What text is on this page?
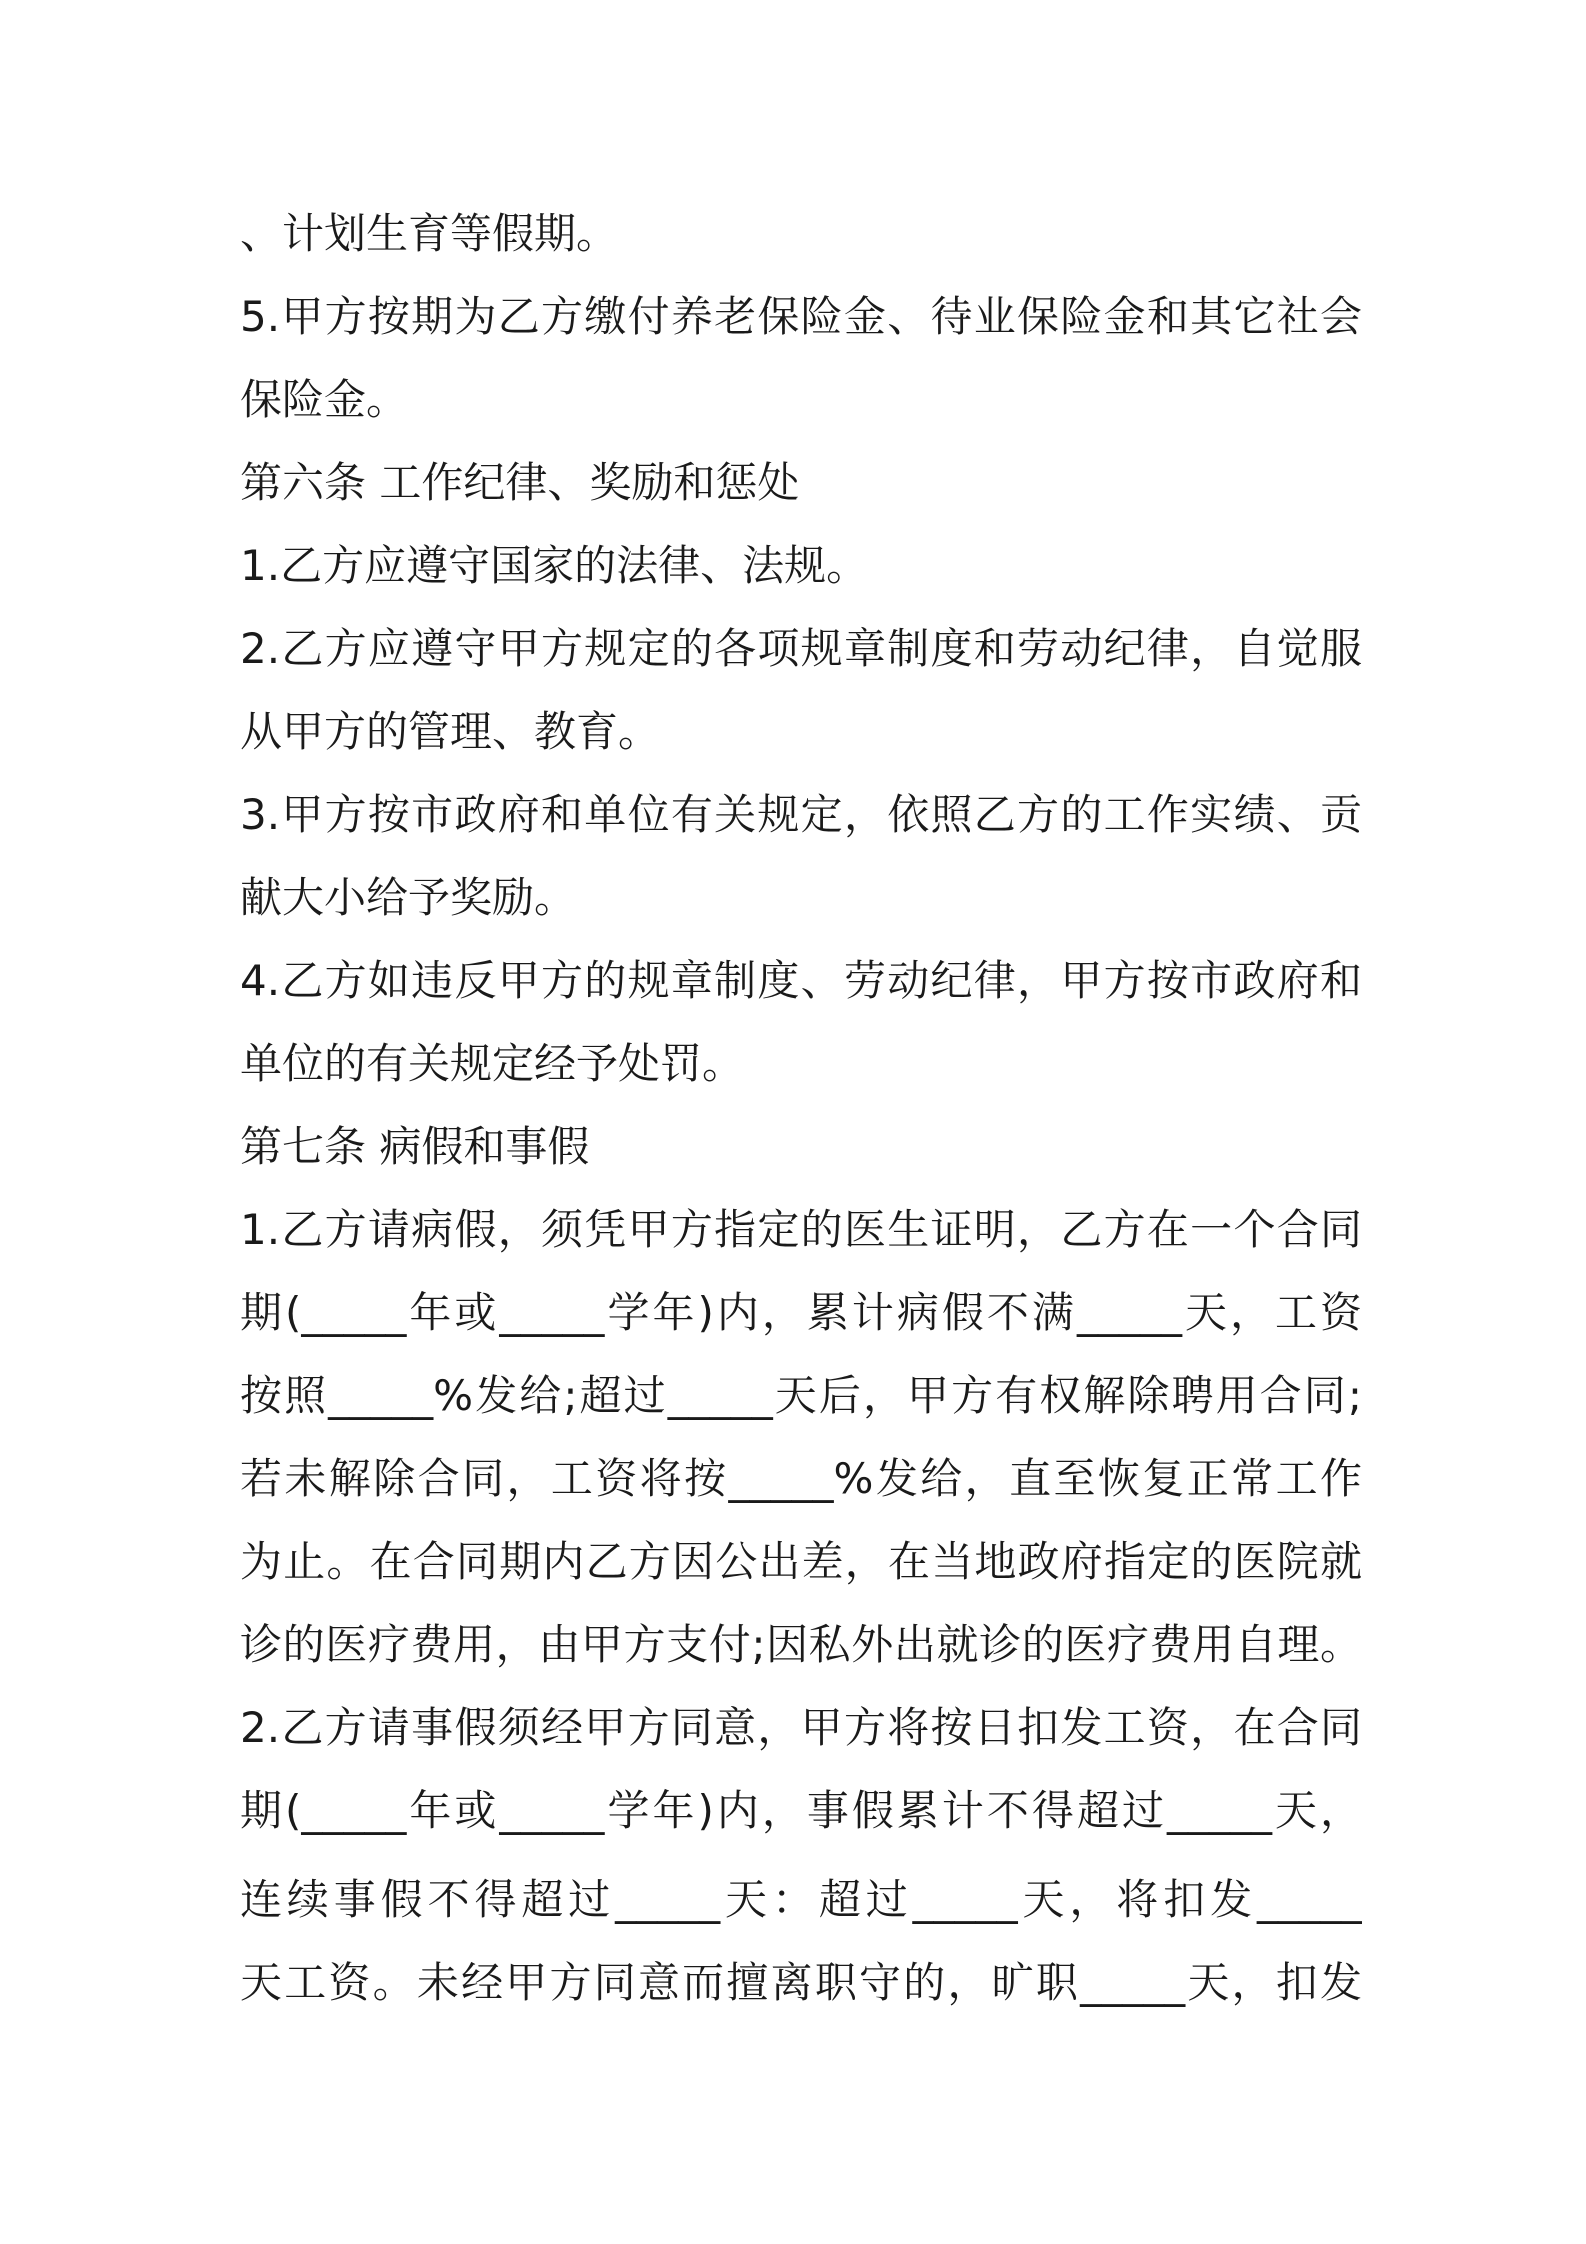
、计划生育等假期。
5.甲方按期为乙方缴付养老保险金、待业保险金和其它社会
保险金。
第六条 工作纪律、奖励和惩处
1.乙方应遵守国家的法律、法规。
2.乙方应遵守甲方规定的各项规章制度和劳动纪律，自觉服
从甲方的管理、教育。
3.甲方按市政府和单位有关规定，依照乙方的工作实绩、贡
献大小给予奖励。
4.乙方如违反甲方的规章制度、劳动纪律，甲方按市政府和
单位的有关规定经予处罚。
第七条 病假和事假
1.乙方请病假，须凭甲方指定的医生证明，乙方在一个合同
期(_____年或_____学年)内，累计病假不满_____天，工资
按照_____%发给;超过_____天后，甲方有权解除聘用合同;
若未解除合同，工资将按_____%发给，直至恢复正常工作
为止。在合同期内乙方因公出差，在当地政府指定的医院就
诊的医疗费用，由甲方支付;因私外出就诊的医疗费用自理。
2.乙方请事假须经甲方同意，甲方将按日扣发工资，在合同
期(_____年或_____学年)内，事假累计不得超过_____天，
连续事假不得超过_____天：超过_____天，将扣发_____
天工资。未经甲方同意而擅离职守的，旷职_____天，扣发
